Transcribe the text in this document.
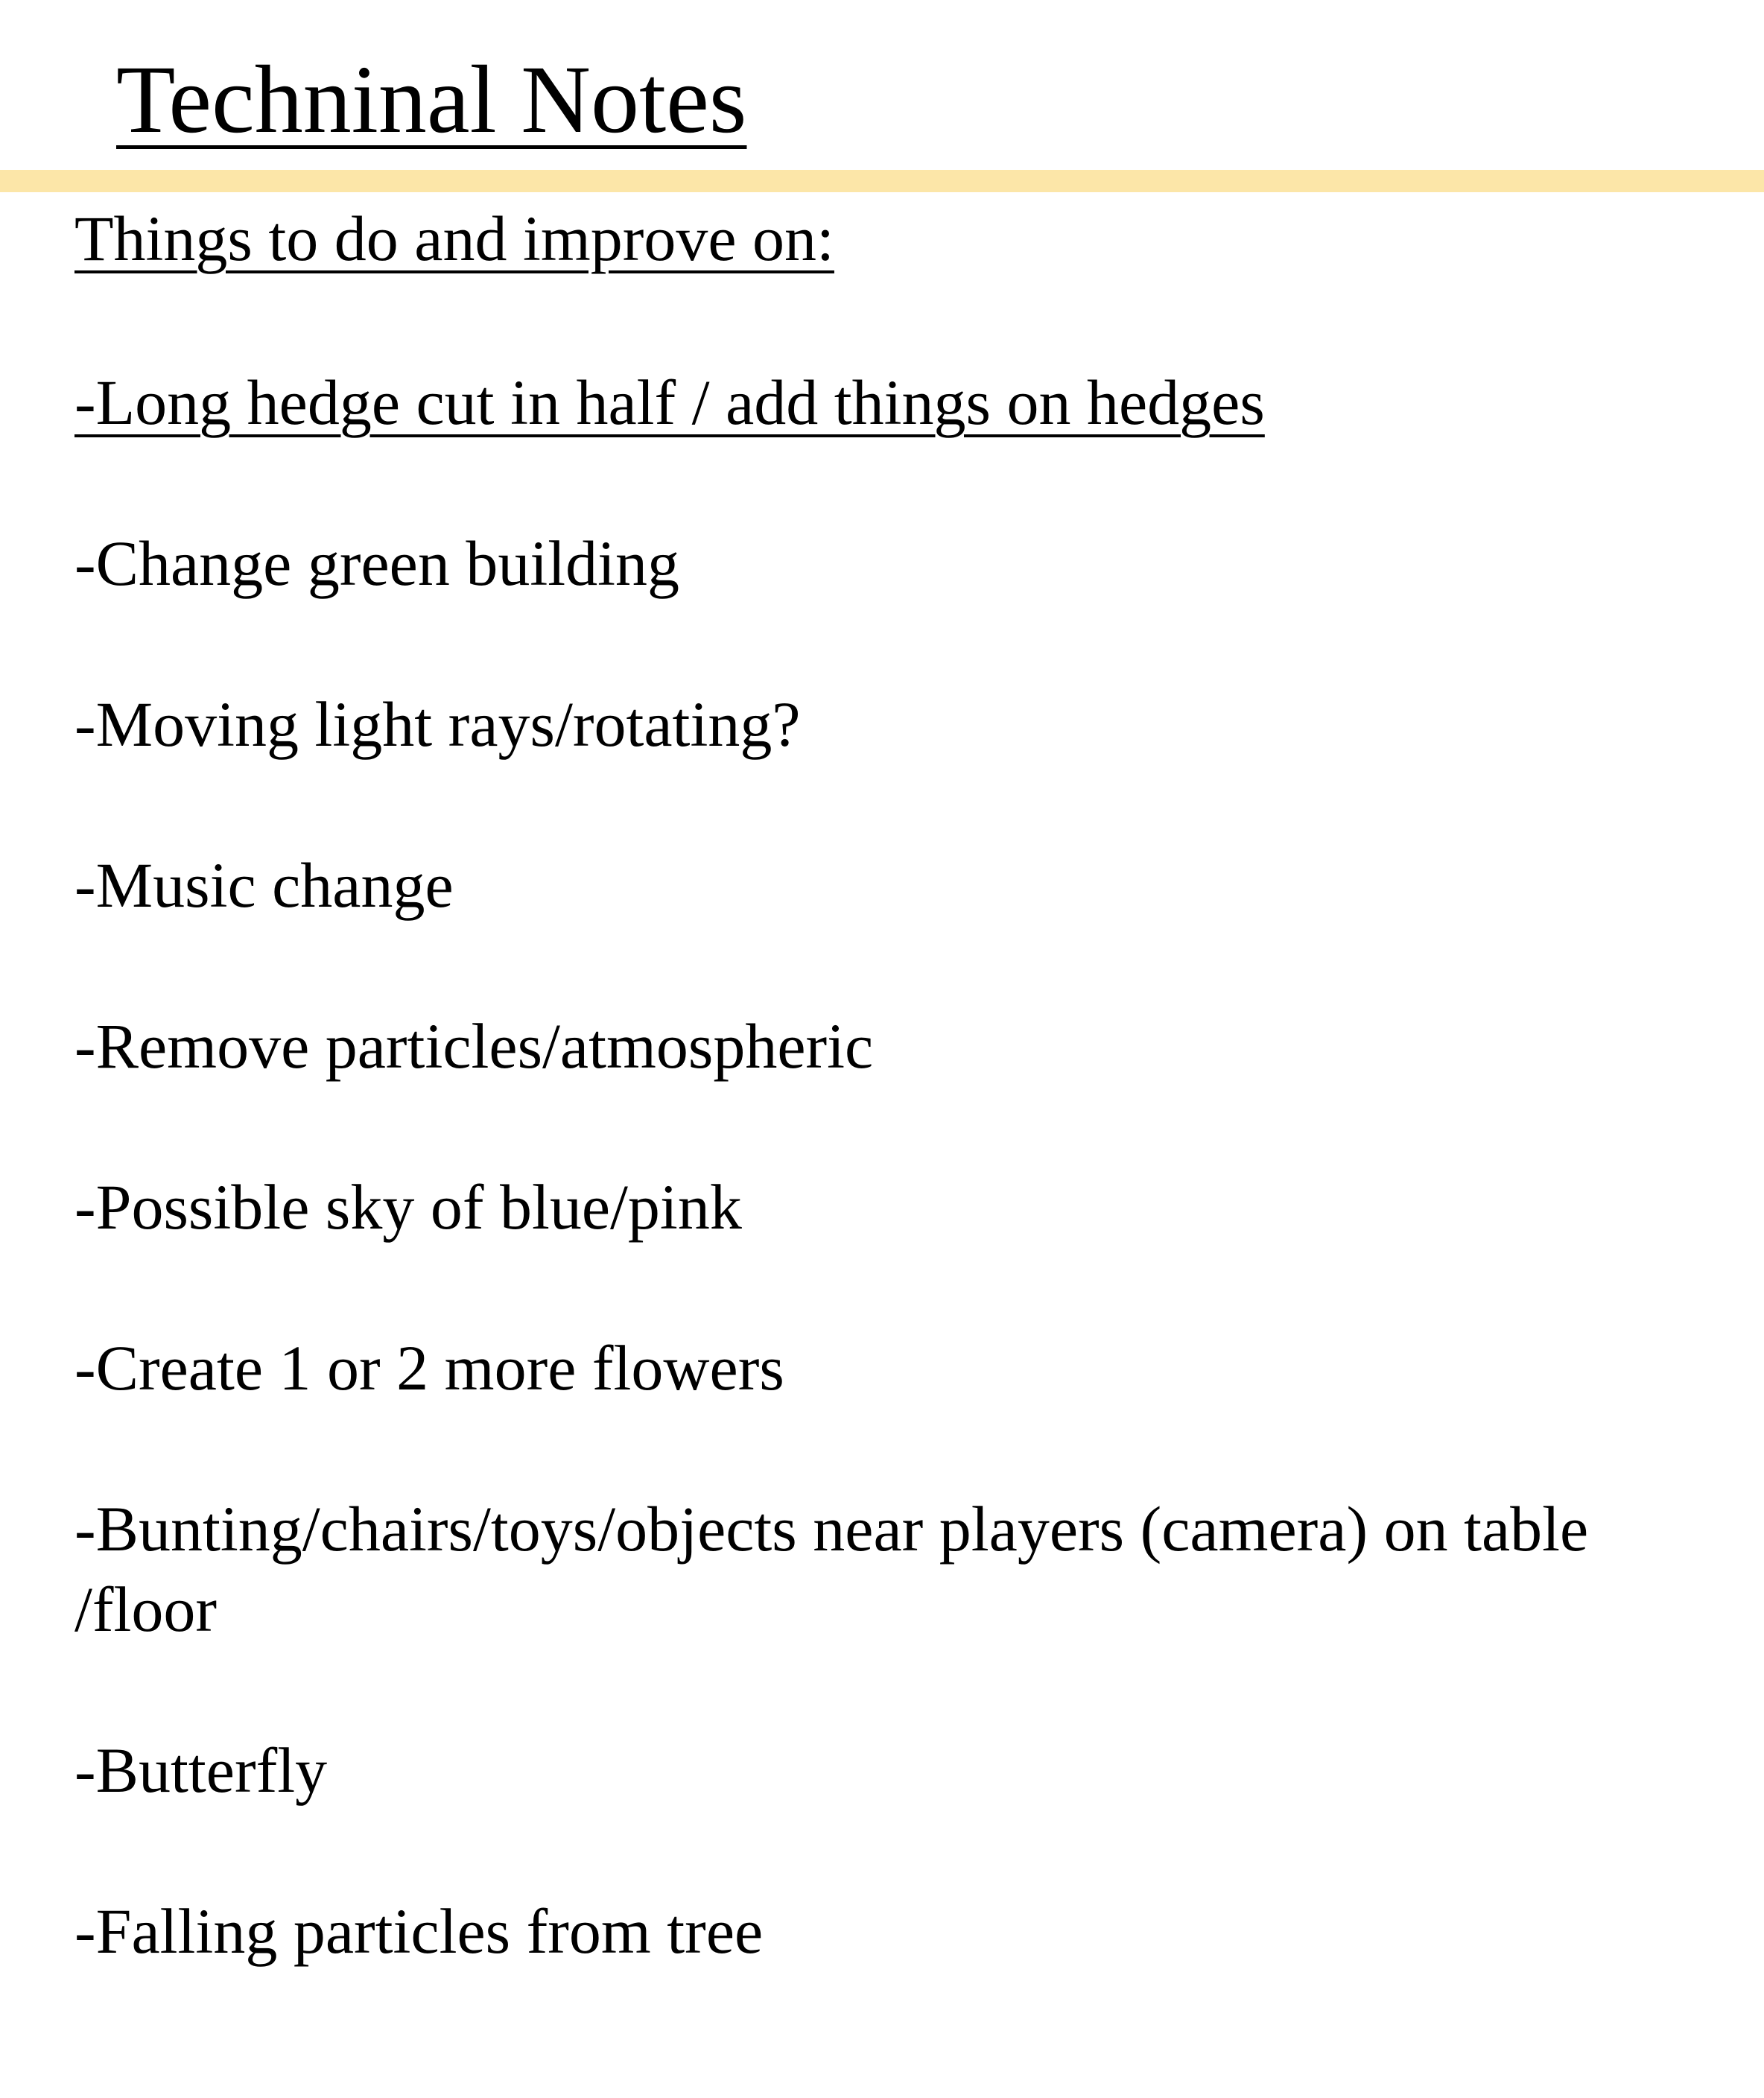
Techninal Notes

Things to do and improve on:

-Long hedge cut in half / add things on hedges
-Change green building
-Moving light rays/rotating?
-Music change
-Remove particles/atmospheric
-Possible sky of blue/pink
-Create 1 or 2 more flowers
-Bunting/chairs/toys/objects near players (camera) on table /floor
-Butterfly
-Falling particles from tree
